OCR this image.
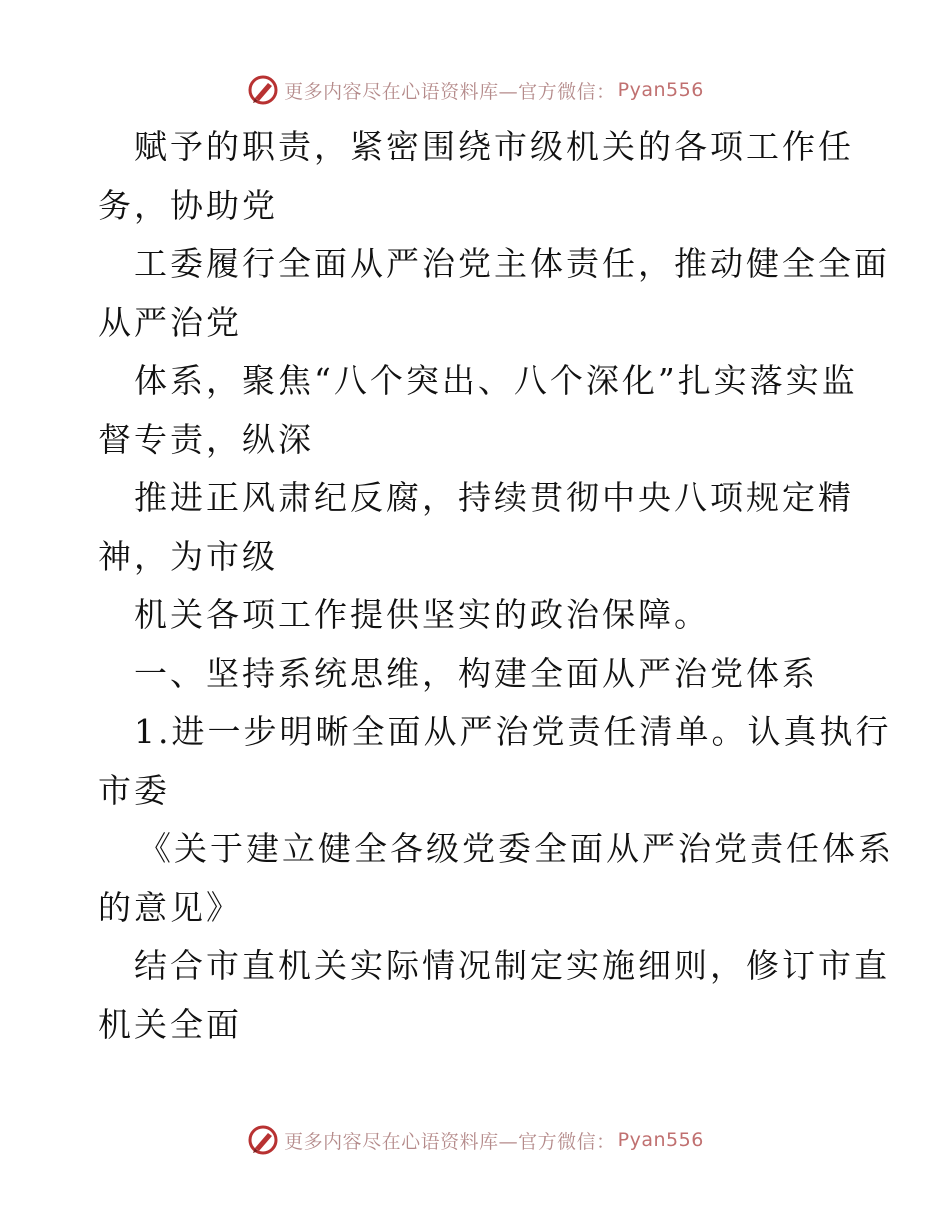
更多内容尽在心语资料库—官方微信： Pyan556
赋予的职责，紧密围绕市级机关的各项工作任
务，协助党
工委履行全面从严治党主体责任，推动健全全面
从严治党
体系，聚焦“八个突出、八个深化”扎实落实监
督专责，纵深
推进正风肃纪反腐，持续贯彻中央八项规定精
神，为市级
机关各项工作提供坚实的政治保障。
一、坚持系统思维，构建全面从严治党体系
1.进一步明晰全面从严治党责任清单。认真执行
市委
《关于建立健全各级党委全面从严治党责任体系
的意见》
结合市直机关实际情况制定实施细则，修订市直
机关全面
更多内容尽在心语资料库—官方微信： Pyan556
